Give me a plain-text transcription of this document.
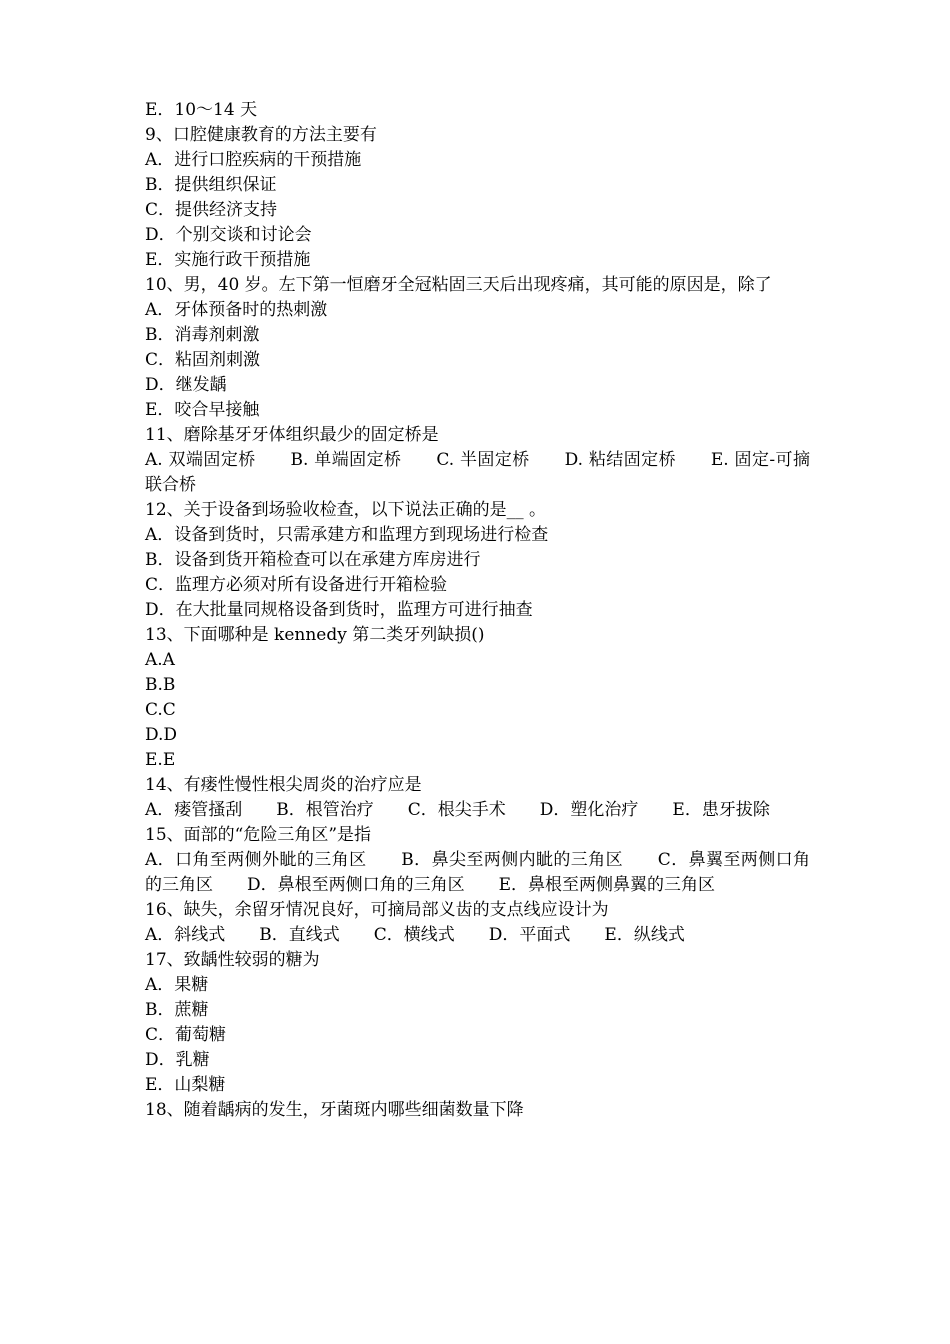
E．10～14 天
9、口腔健康教育的方法主要有
A．进行口腔疾病的干预措施
B．提供组织保证
C．提供经济支持
D．个别交谈和讨论会
E．实施行政干预措施
10、男，40 岁。左下第一恒磨牙全冠粘固三天后出现疼痛，其可能的原因是，除了
A．牙体预备时的热刺激
B．消毒剂刺激
C．粘固剂刺激
D．继发龋
E．咬合早接触
11、磨除基牙牙体组织最少的固定桥是
A. 双端固定桥　　B. 单端固定桥　　C. 半固定桥　　D. 粘结固定桥　　E. 固定-可摘联合桥
12、关于设备到场验收检查，以下说法正确的是__ 。
A．设备到货时，只需承建方和监理方到现场进行检查
B．设备到货开箱检查可以在承建方库房进行
C．监理方必须对所有设备进行开箱检验
D．在大批量同规格设备到货时，监理方可进行抽查
13、下面哪种是 kennedy 第二类牙列缺损()
A.A
B.B
C.C
D.D
E.E
14、有瘘性慢性根尖周炎的治疗应是
A．瘘管搔刮　　B．根管治疗　　C．根尖手术　　D．塑化治疗　　E．患牙拔除
15、面部的“危险三角区”是指
A．口角至两侧外眦的三角区　　B．鼻尖至两侧内眦的三角区　　C．鼻翼至两侧口角的三角区　　D．鼻根至两侧口角的三角区　　E．鼻根至两侧鼻翼的三角区
16、缺失，余留牙情况良好，可摘局部义齿的支点线应设计为
A．斜线式　　B．直线式　　C．横线式　　D．平面式　　E．纵线式
17、致龋性较弱的糖为
A．果糖
B．蔗糖
C．葡萄糖
D．乳糖
E．山梨糖
18、随着龋病的发生，牙菌斑内哪些细菌数量下降
